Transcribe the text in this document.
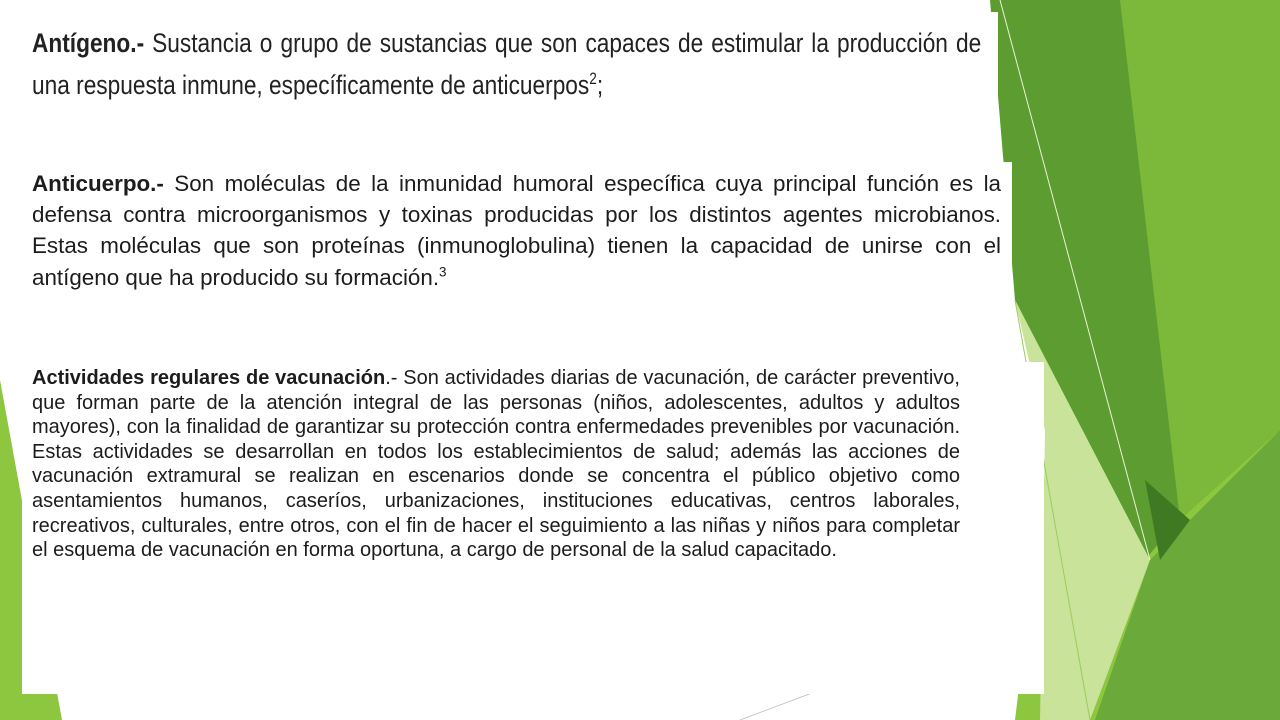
Antígeno.- Sustancia o grupo de sustancias que son capaces de estimular la producción de una respuesta inmune, específicamente de anticuerpos$^2$;

Anticuerpo.- Son moléculas de la inmunidad humoral específica cuya principal función es la defensa contra microorganismos y toxinas producidas por los distintos agentes microbianos. Estas moléculas que son proteínas (inmunoglobulina) tienen la capacidad de unirse con el antígeno que ha producido su formación.$^3$

Actividades regulares de vacunación.- Son actividades diarias de vacunación, de carácter preventivo, que forman parte de la atención integral de las personas (niños, adolescentes, adultos y adultos mayores), con la finalidad de garantizar su protección contra enfermedades prevenibles por vacunación. Estas actividades se desarrollan en todos los establecimientos de salud; además las acciones de vacunación extramural se realizan en escenarios donde se concentra el público objetivo como asentamientos humanos, caseríos, urbanizaciones, instituciones educativas, centros laborales, recreativos, culturales, entre otros, con el fin de hacer el seguimiento a las niñas y niños para completar el esquema de vacunación en forma oportuna, a cargo de personal de la salud capacitado.
